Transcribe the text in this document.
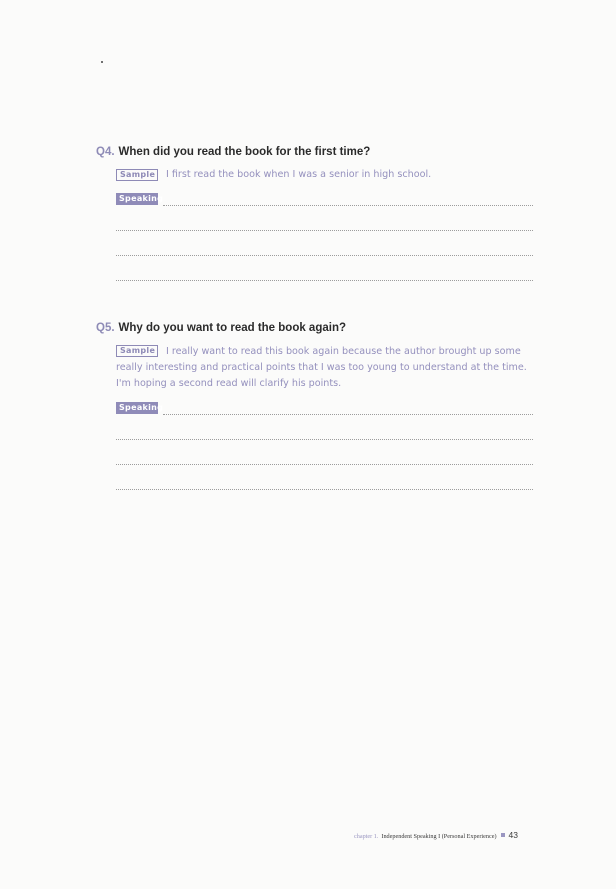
Q4. When did you read the book for the first time?
Sample I first read the book when I was a senior in high school.
Speaking
Q5. Why do you want to read the book again?
Sample I really want to read this book again because the author brought up some
really interesting and practical points that I was too young to understand at the time.
I'm hoping a second read will clarify his points.
Speaking
chapter 1. Independent Speaking I (Personal Experience) 43
